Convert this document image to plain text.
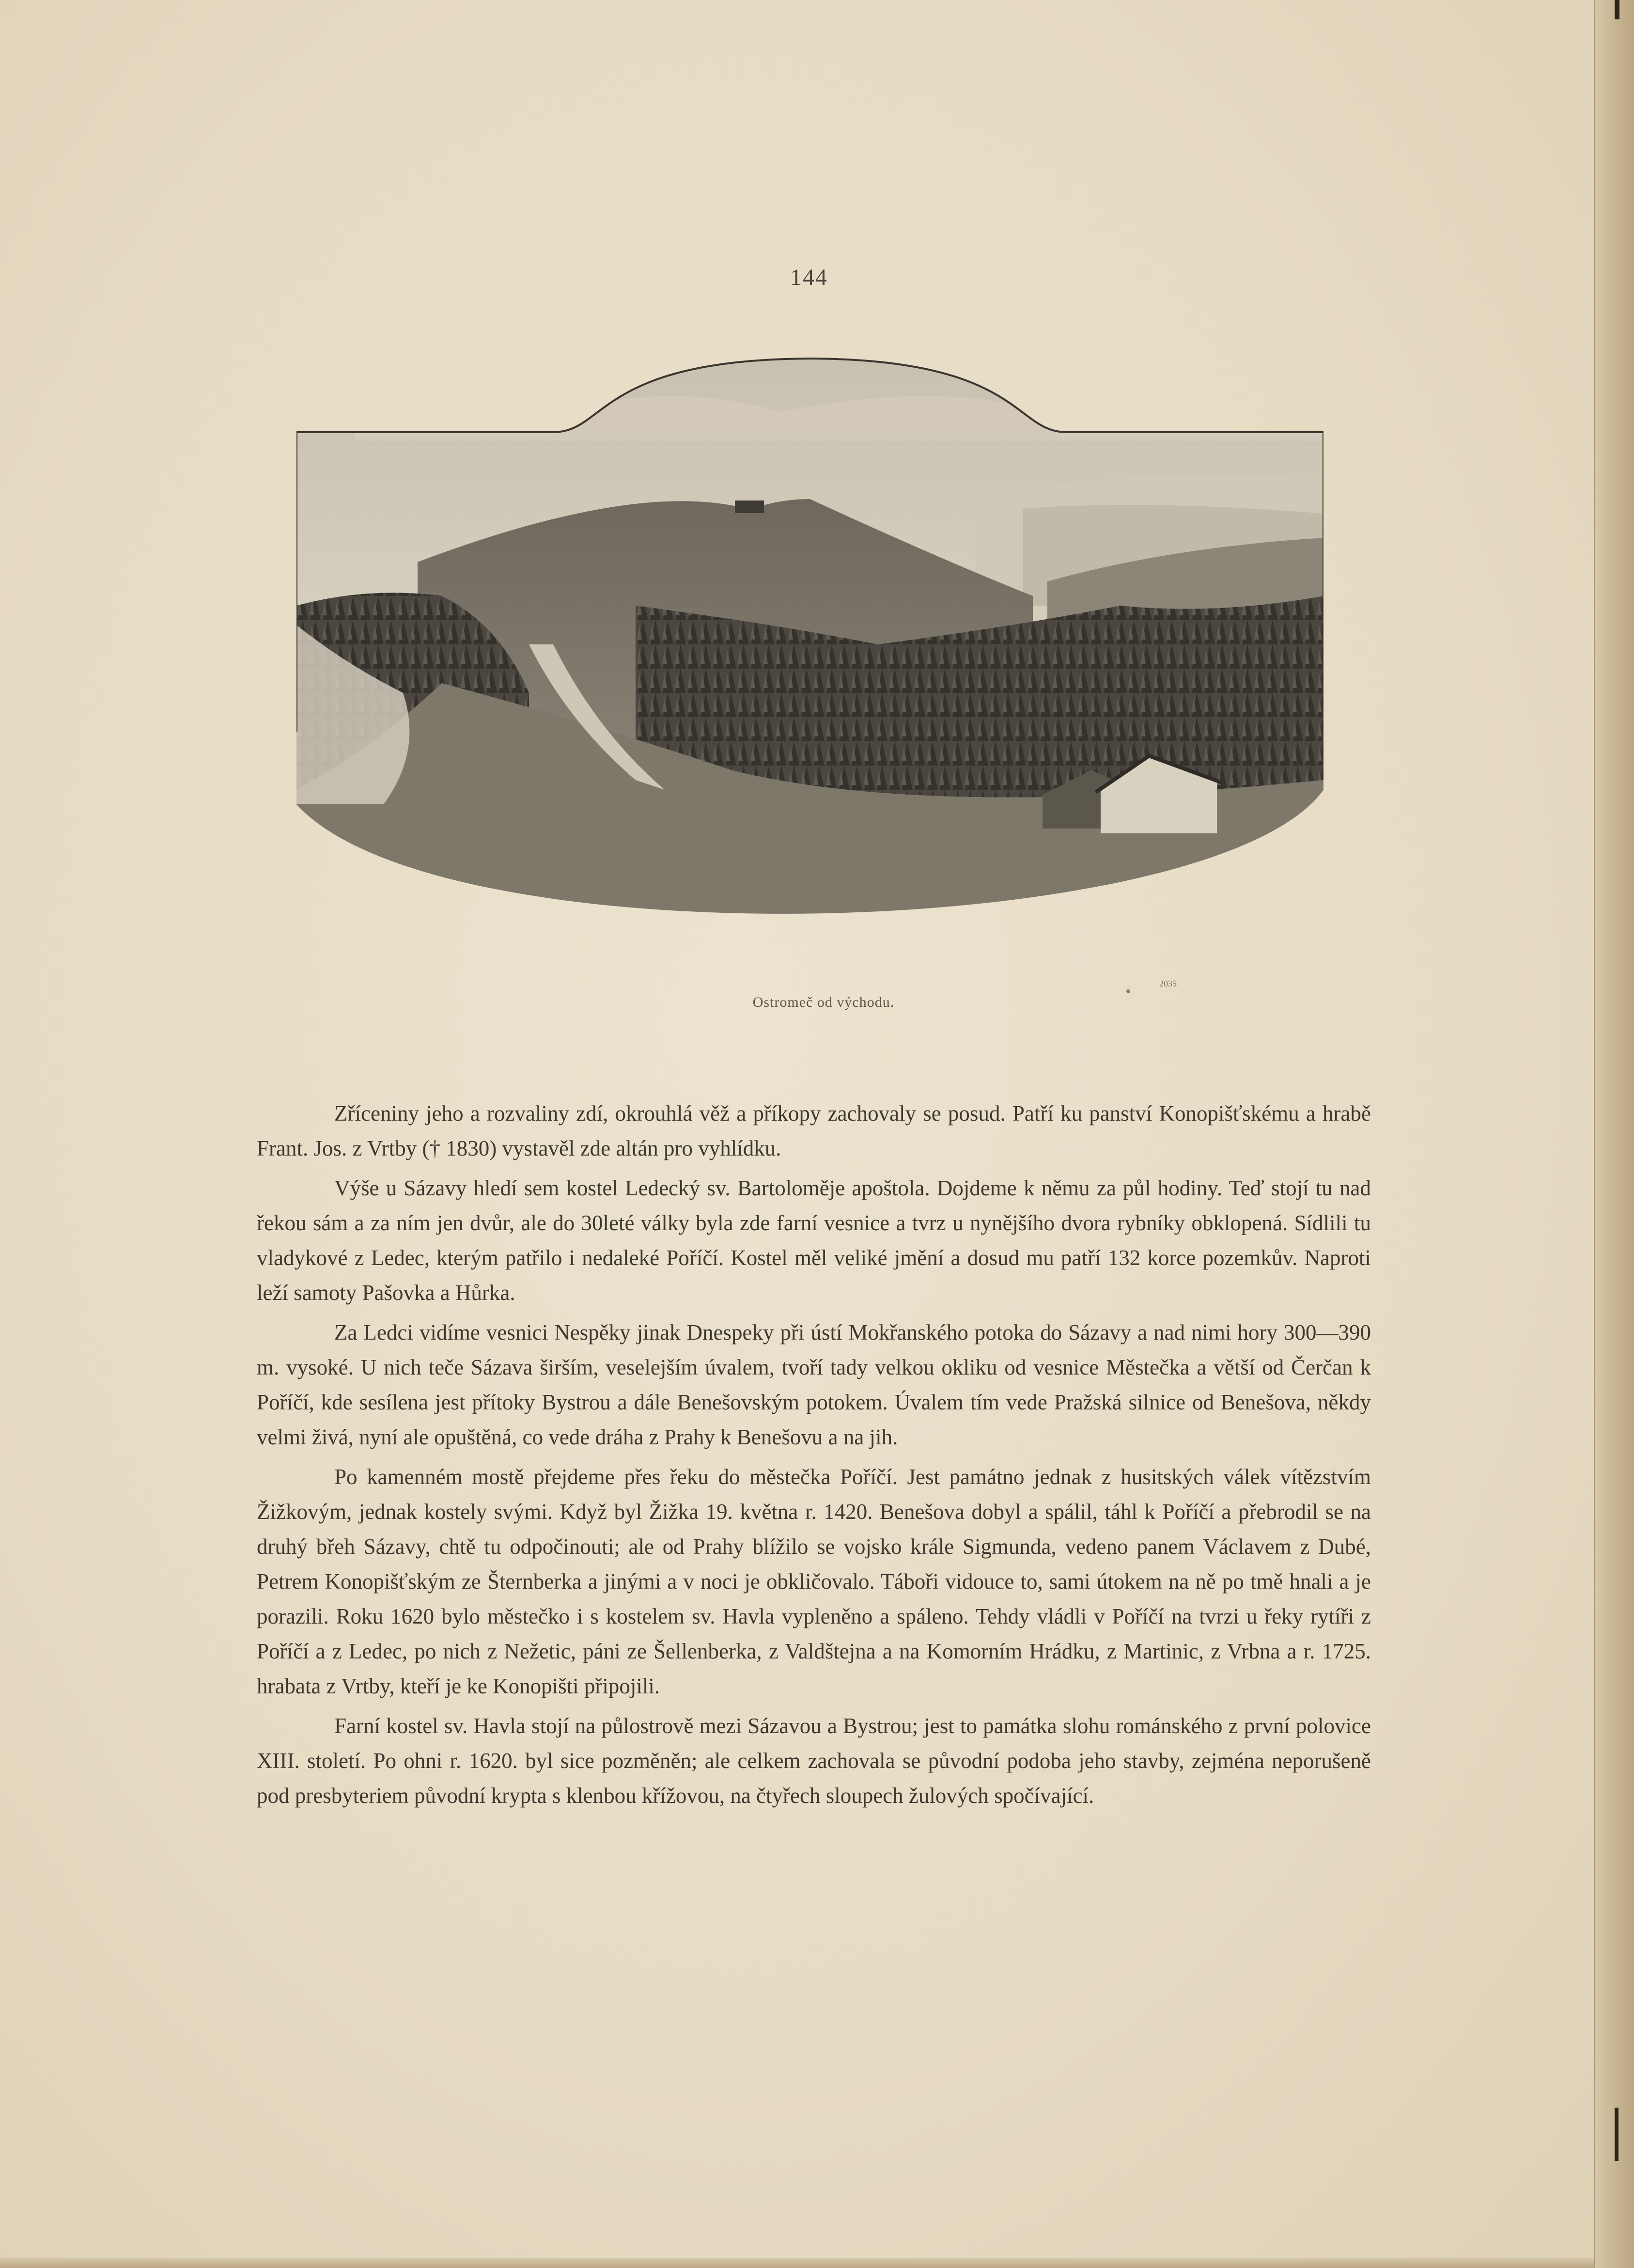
144
Ostromeč od východu.
2035

Zříceniny jeho a rozvaliny zdí, okrouhlá věž a příkopy zachovaly se posud. Patří ku panství Konopišťskému a hrabě Frant. Jos. z Vrtby († 1830) vystavěl zde altán pro vyhlídku.

Výše u Sázavy hledí sem kostel Ledecký sv. Bartoloměje apoštola. Dojdeme k němu za půl hodiny. Teď stojí tu nad řekou sám a za ním jen dvůr, ale do 30leté války byla zde farní vesnice a tvrz u nynějšího dvora rybníky obklopená. Sídlili tu vladykové z Ledec, kterým patřilo i nedaleké Poříčí. Kostel měl veliké jmění a dosud mu patří 132 korce pozemkův. Naproti leží samoty Pašovka a Hůrka.

Za Ledci vidíme vesnici Nespěky jinak Dnespeky při ústí Mokřanského potoka do Sázavy a nad nimi hory 300—390 m. vysoké. U nich teče Sázava širším, veselejším úvalem, tvoří tady velkou okliku od vesnice Městečka a větší od Čerčan k Poříčí, kde sesílena jest přítoky Bystrou a dále Benešovským potokem. Úvalem tím vede Pražská silnice od Benešova, někdy velmi živá, nyní ale opuštěná, co vede dráha z Prahy k Benešovu a na jih.

Po kamenném mostě přejdeme přes řeku do městečka Poříčí. Jest památno jednak z husitských válek vítězstvím Žižkovým, jednak kostely svými. Když byl Žižka 19. května r. 1420. Benešova dobyl a spálil, táhl k Poříčí a přebrodil se na druhý břeh Sázavy, chtě tu odpočinouti; ale od Prahy blížilo se vojsko krále Sigmunda, vedeno panem Václavem z Dubé, Petrem Konopišťským ze Šternberka a jinými a v noci je obkličovalo. Táboři vidouce to, sami útokem na ně po tmě hnali a je porazili. Roku 1620 bylo městečko i s kostelem sv. Havla vypleněno a spáleno. Tehdy vládli v Poříčí na tvrzi u řeky rytíři z Poříčí a z Ledec, po nich z Nežetic, páni ze Šellenberka, z Valdštejna a na Komorním Hrádku, z Martinic, z Vrbna a r. 1725. hrabata z Vrtby, kteří je ke Konopišti připojili.

Farní kostel sv. Havla stojí na půlostrově mezi Sázavou a Bystrou; jest to památka slohu románského z první polovice XIII. století. Po ohni r. 1620. byl sice pozměněn; ale celkem zachovala se původní podoba jeho stavby, zejména neporušeně pod presbyteriem původní krypta s klenbou křížovou, na čtyřech sloupech žulových spočívající.
